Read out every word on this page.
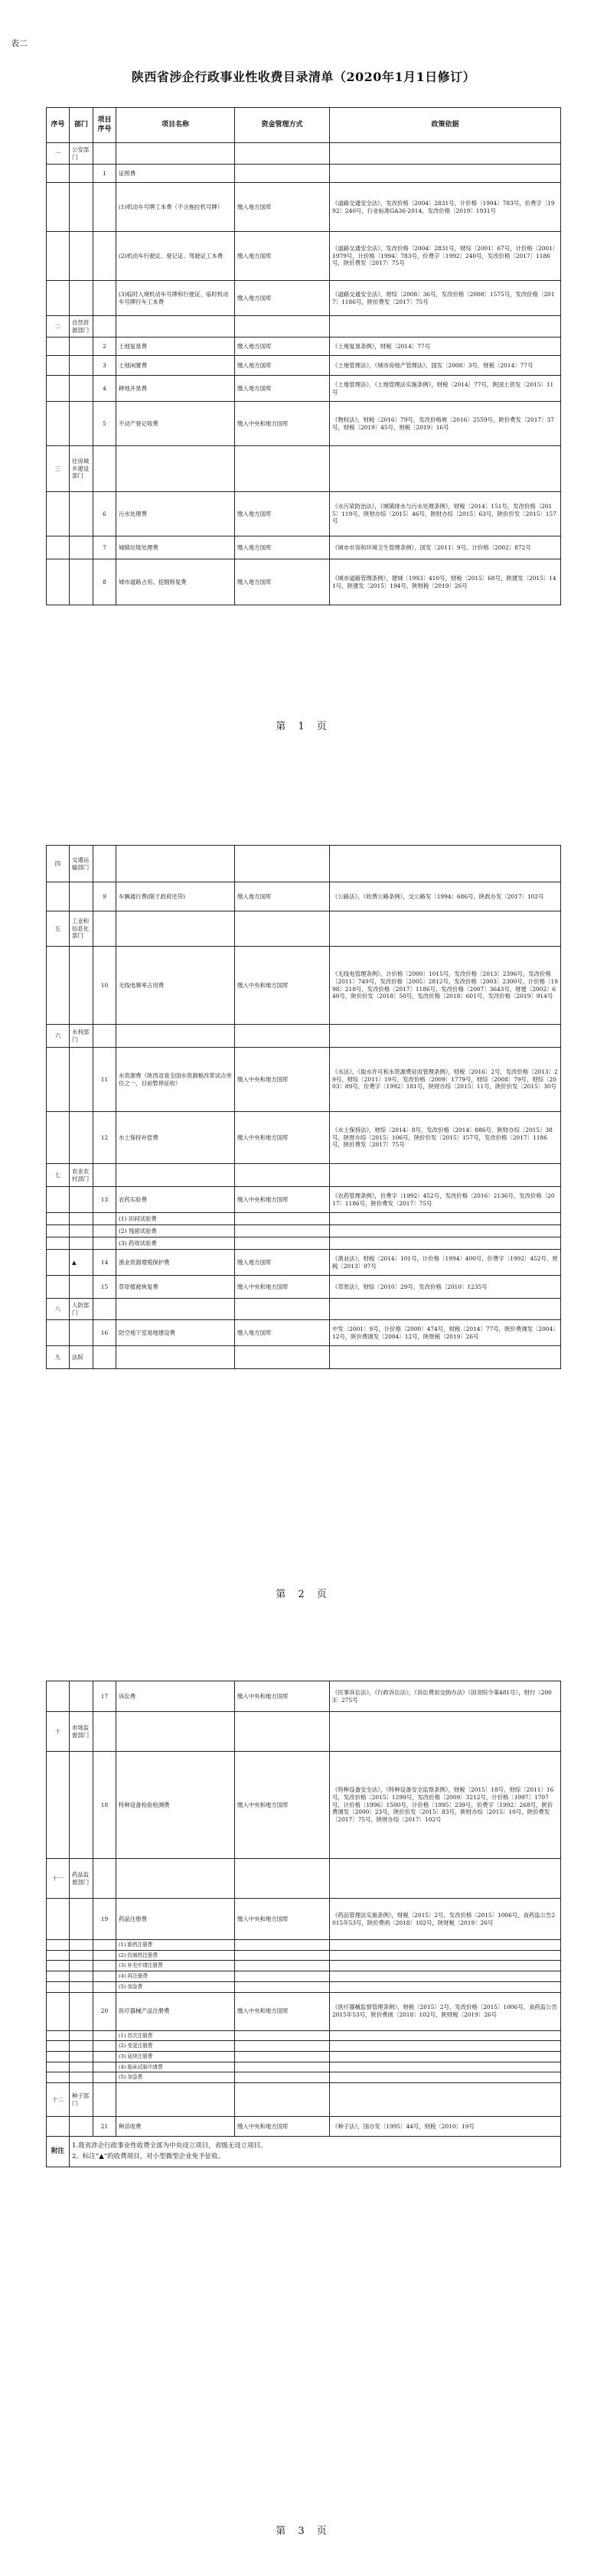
表二
陕西省涉企行政事业性收费目录清单（2020年1月1日修订）
序号	部门	项目序号	项目名称	资金管理方式	政策依据
一	公安部门				
		1	证照费		
			(1)机动车号牌工本费（不含拖拉机号牌）	缴入地方国库	《道路交通安全法》，发改价格〔2004〕2831号，计价格〔1994〕783号，价费字〔1992〕240号，行业标准GA36-2014，发改价格〔2019〕1931号
			(2)机动车行驶证、登记证、驾驶证工本费	缴入地方国库	《道路交通安全法》，发改价格〔2004〕2831号，财综〔2001〕67号，计价格〔2001〕1979号，计价格〔1994〕783号，价费字〔1992〕240号，发改价格〔2017〕1186号，陕价费发〔2017〕75号
			(3)临时入境机动车号牌和行驶证、临时机动车号牌行车工本费	缴入地方国库	《道路交通安全法》，财综〔2008〕36号，发改价格〔2008〕1575号，发改价格〔2017〕1186号，陕价费发〔2017〕75号
二	自然资源部门				
		2	土地复垦费	缴入地方国库	《土地复垦条例》，财税〔2014〕77号
		3	土地闲置费	缴入地方国库	《土地管理法》，《城市房地产管理法》，国发〔2008〕3号，财税〔2014〕77号
		4	耕地开垦费	缴入地方国库	《土地管理法》，《土地管理法实施条例》，财税〔2014〕77号，陕国土资发〔2015〕11号
		5	不动产登记收费	缴入中央和地方国库	《物权法》，财税〔2016〕79号，发改价格规〔2016〕2559号，陕价费发〔2017〕37号，财税〔2019〕45号，财税〔2019〕16号
三	住房城乡建设部门				
		6	污水处理费	缴入地方国库	《水污染防治法》，《城镇排水与污水处理条例》，财税〔2014〕151号，发改价格〔2015〕119号，陕财办综〔2015〕46号，陕财办综〔2015〕63号，陕价价发〔2015〕157号
		7	城镇垃圾处理费	缴入地方国库	《城市市容和环境卫生管理条例》，国发〔2011〕9号，计价格〔2002〕872号
		8	城市道路占用、挖掘修复费	缴入地方国库	《城市道路管理条例》，建城〔1993〕410号，财税〔2015〕68号，陕建发〔2015〕141号，陕建发〔2015〕194号，陕财税〔2019〕26号
第 1 页
四	交通运输部门				
		9	车辆通行费(限于政府还贷)	缴入地方国库	《公路法》，《收费公路条例》，交公路发〔1994〕686号，陕政办发〔2017〕102号
五	工业和信息化部门				
		10	无线电频率占用费	缴入中央和地方国库	《无线电管理条例》，计价格〔2000〕1015号，发改价格〔2013〕2396号，发改价格〔2011〕749号，发改价格〔2005〕2812号，发改价格〔2003〕2300号，计价格〔1998〕218号，发改价格〔2017〕1186号，发改价格〔2007〕3643号，财建〔2002〕640号，陕价价发〔2018〕50号，发改价格〔2018〕601号，发改价格〔2019〕914号
六	水利部门				
		11	水资源费（陕西省是全国水资源税改革试点单位之一，目前暂停征收）	缴入中央和地方国库	《水法》，《取水许可和水资源费征收管理条例》，财税〔2016〕2号，发改价格〔2013〕29号，财综〔2011〕19号，发改价格〔2009〕1779号，财综〔2008〕79号，财综〔2003〕89号，价费字〔1992〕181号，陕财办综〔2015〕11号，陕价价发〔2015〕30号
		12	水土保持补偿费	缴入中央和地方国库	《水土保持法》，财综〔2014〕8号，发改价格〔2014〕886号，陕财办综〔2015〕38号，陕财办综〔2015〕106号，陕价价发〔2015〕157号，发改价格〔2017〕1186号，陕价费发〔2017〕75号
七	农业农村部门				
		13	农药实验费	缴入中央和地方国库	《农药管理条例》，价费字〔1992〕452号，发改价格〔2016〕2136号，发改价格〔2017〕1186号，陕价费发〔2017〕75号
			(1) 田间试验费		
			(2) 残留试验费		
			(3) 药效试验费		
	▲	14	渔业资源增殖保护费	缴入地方国库	《渔业法》，财税〔2014〕101号，计价格〔1994〕400号，价费字〔1992〕452号，财税〔2013〕97号
		15	草原植被恢复费	缴入中央和地方国库	《草原法》，财综〔2010〕29号，发改价格〔2010〕1235号
八	人防部门				
		16	防空地下室易地建设费	缴入地方国库	中发〔2001〕9号，计价格〔2000〕474号，财税〔2014〕77号，陕价费调发〔2004〕12号，陕价费调发〔2004〕12号，陕财税〔2019〕26号
九	法院				
第 2 页
		17	诉讼费	缴入中央和地方国库	《民事诉讼法》，《行政诉讼法》，《诉讼费用交纳办法》（国务院令第481号），财行〔2003〕275号
十	市场监督部门				
		18	特种设备检验检测费	缴入中央和地方国库	《特种设备安全法》，《特种设备安全监察条例》，财税〔2015〕18号，财综〔2011〕16号，发改价格〔2015〕1299号，发改价格〔2009〕3212号，计价格〔1997〕1707号，计价格〔1996〕1500号，计价格〔1995〕239号，价费字〔1992〕268号，陕价费调发〔2000〕23号，陕价价发〔2015〕83号，陕财办综〔2015〕10号，陕价费发〔2017〕75号，陕财办综〔2017〕102号
十一	药品监督部门				
		19	药品注册费	缴入中央和地方国库	《药品管理法实施条例》，财税〔2015〕2号，发改价格〔2015〕1006号，食药监公告2015年53号，陕价费函〔2018〕102号，陕财税〔2019〕26号
			(1) 新药注册费		
			(2) 仿制药注册费		
			(3) 补充申请注册费		
			(4) 再注册费		
			(5) 加急费		
		20	医疗器械产品注册费	缴入中央和地方国库	《医疗器械监督管理条例》，财税〔2015〕2号，发改价格〔2015〕1006号，食药监公告2015年53号，陕价费函〔2018〕102号，陕财税〔2019〕26号
			(1) 首次注册费		
			(2) 变更注册费		
			(3) 延续注册费		
			(4) 临床试验申请费		
			(5) 加急费		
十二	种子部门				
		21	种苗收费	缴入中央和地方国库	《种子法》，国办发〔1995〕44号，财税〔2010〕19号
附注	1.我省涉企行政事业性收费全部为中央设立项目，省级无设立项目。
2、标注“▲”的收费项目，对小型微型企业免予征收。				
第 3 页
